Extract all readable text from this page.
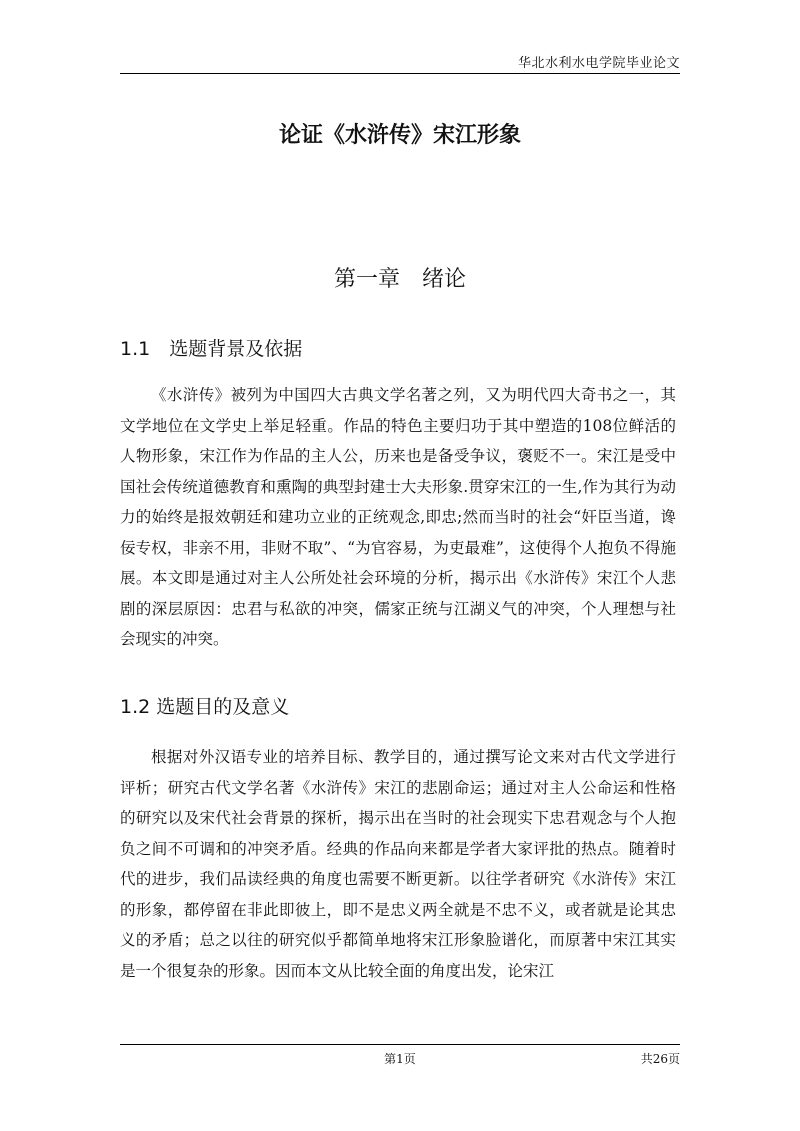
华北水利水电学院毕业论文
论证《水浒传》宋江形象
第一章　绪论
1.1　选题背景及依据

《水浒传》被列为中国四大古典文学名著之列，又为明代四大奇书之一，其文学地位在文学史上举足轻重。作品的特色主要归功于其中塑造的108位鲜活的人物形象，宋江作为作品的主人公，历来也是备受争议，褒贬不一。宋江是受中国社会传统道德教育和熏陶的典型封建士大夫形象.贯穿宋江的一生,作为其行为动力的始终是报效朝廷和建功立业的正统观念,即忠;然而当时的社会“奸臣当道，谗佞专权，非亲不用，非财不取”、“为官容易，为吏最难”，这使得个人抱负不得施展。本文即是通过对主人公所处社会环境的分析，揭示出《水浒传》宋江个人悲剧的深层原因：忠君与私欲的冲突，儒家正统与江湖义气的冲突，个人理想与社会现实的冲突。

1.2 选题目的及意义

根据对外汉语专业的培养目标、教学目的，通过撰写论文来对古代文学进行评析；研究古代文学名著《水浒传》宋江的悲剧命运；通过对主人公命运和性格的研究以及宋代社会背景的探析，揭示出在当时的社会现实下忠君观念与个人抱负之间不可调和的冲突矛盾。经典的作品向来都是学者大家评批的热点。随着时代的进步，我们品读经典的角度也需要不断更新。以往学者研究《水浒传》宋江的形象，都停留在非此即彼上，即不是忠义两全就是不忠不义，或者就是论其忠义的矛盾；总之以往的研究似乎都简单地将宋江形象脸谱化，而原著中宋江其实是一个很复杂的形象。因而本文从比较全面的角度出发，论宋江

第1页	共26页
